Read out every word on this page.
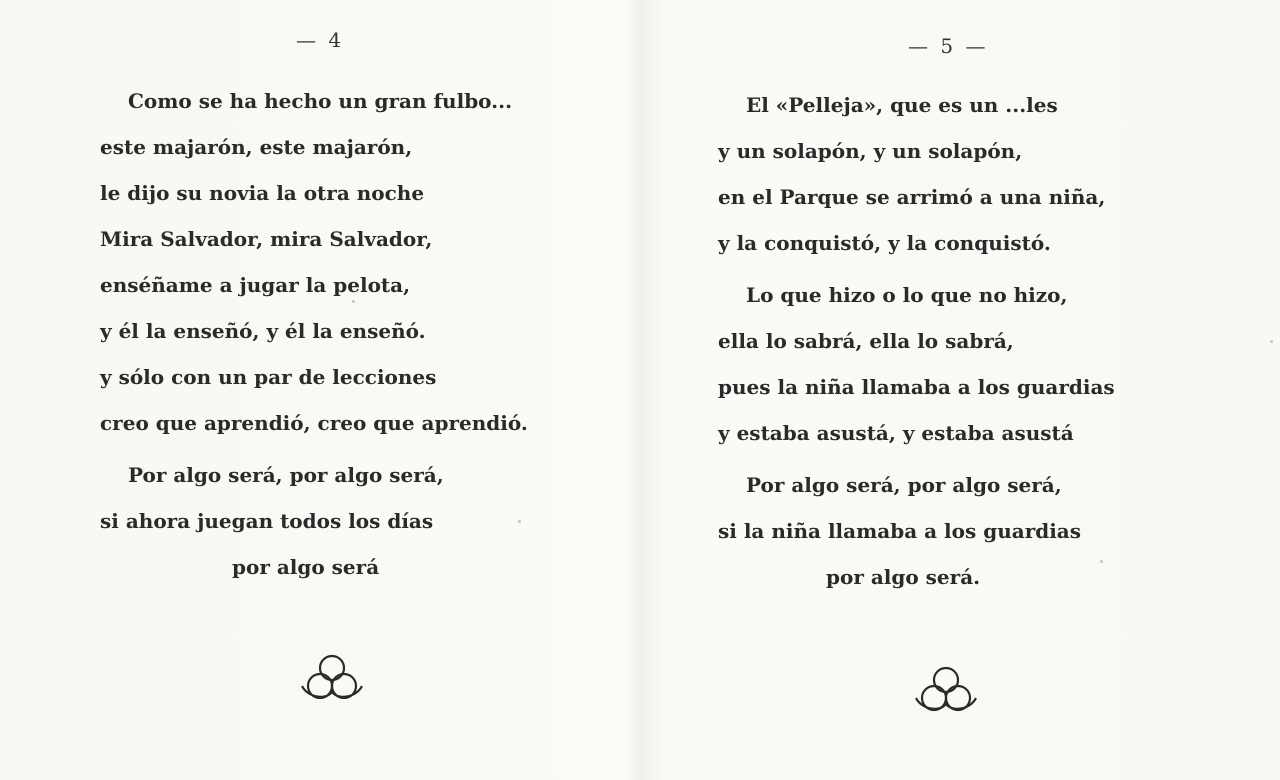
— 4
Como se ha hecho un gran fulbo...
este majarón, este majarón,
le dijo su novia la otra noche
Mira Salvador, mira Salvador,
enséñame a jugar la pelota,
y él la enseñó, y él la enseñó.
y sólo con un par de lecciones
creo que aprendió, creo que aprendió.
Por algo será, por algo será,
si ahora juegan todos los días
por algo será
— 5 —
El «Pelleja», que es un ...les
y un solapón, y un solapón,
en el Parque se arrimó a una niña,
y la conquistó, y la conquistó.
Lo que hizo o lo que no hizo,
ella lo sabrá, ella lo sabrá,
pues la niña llamaba a los guardias
y estaba asustá, y estaba asustá
Por algo será, por algo será,
si la niña llamaba a los guardias
por algo será.
